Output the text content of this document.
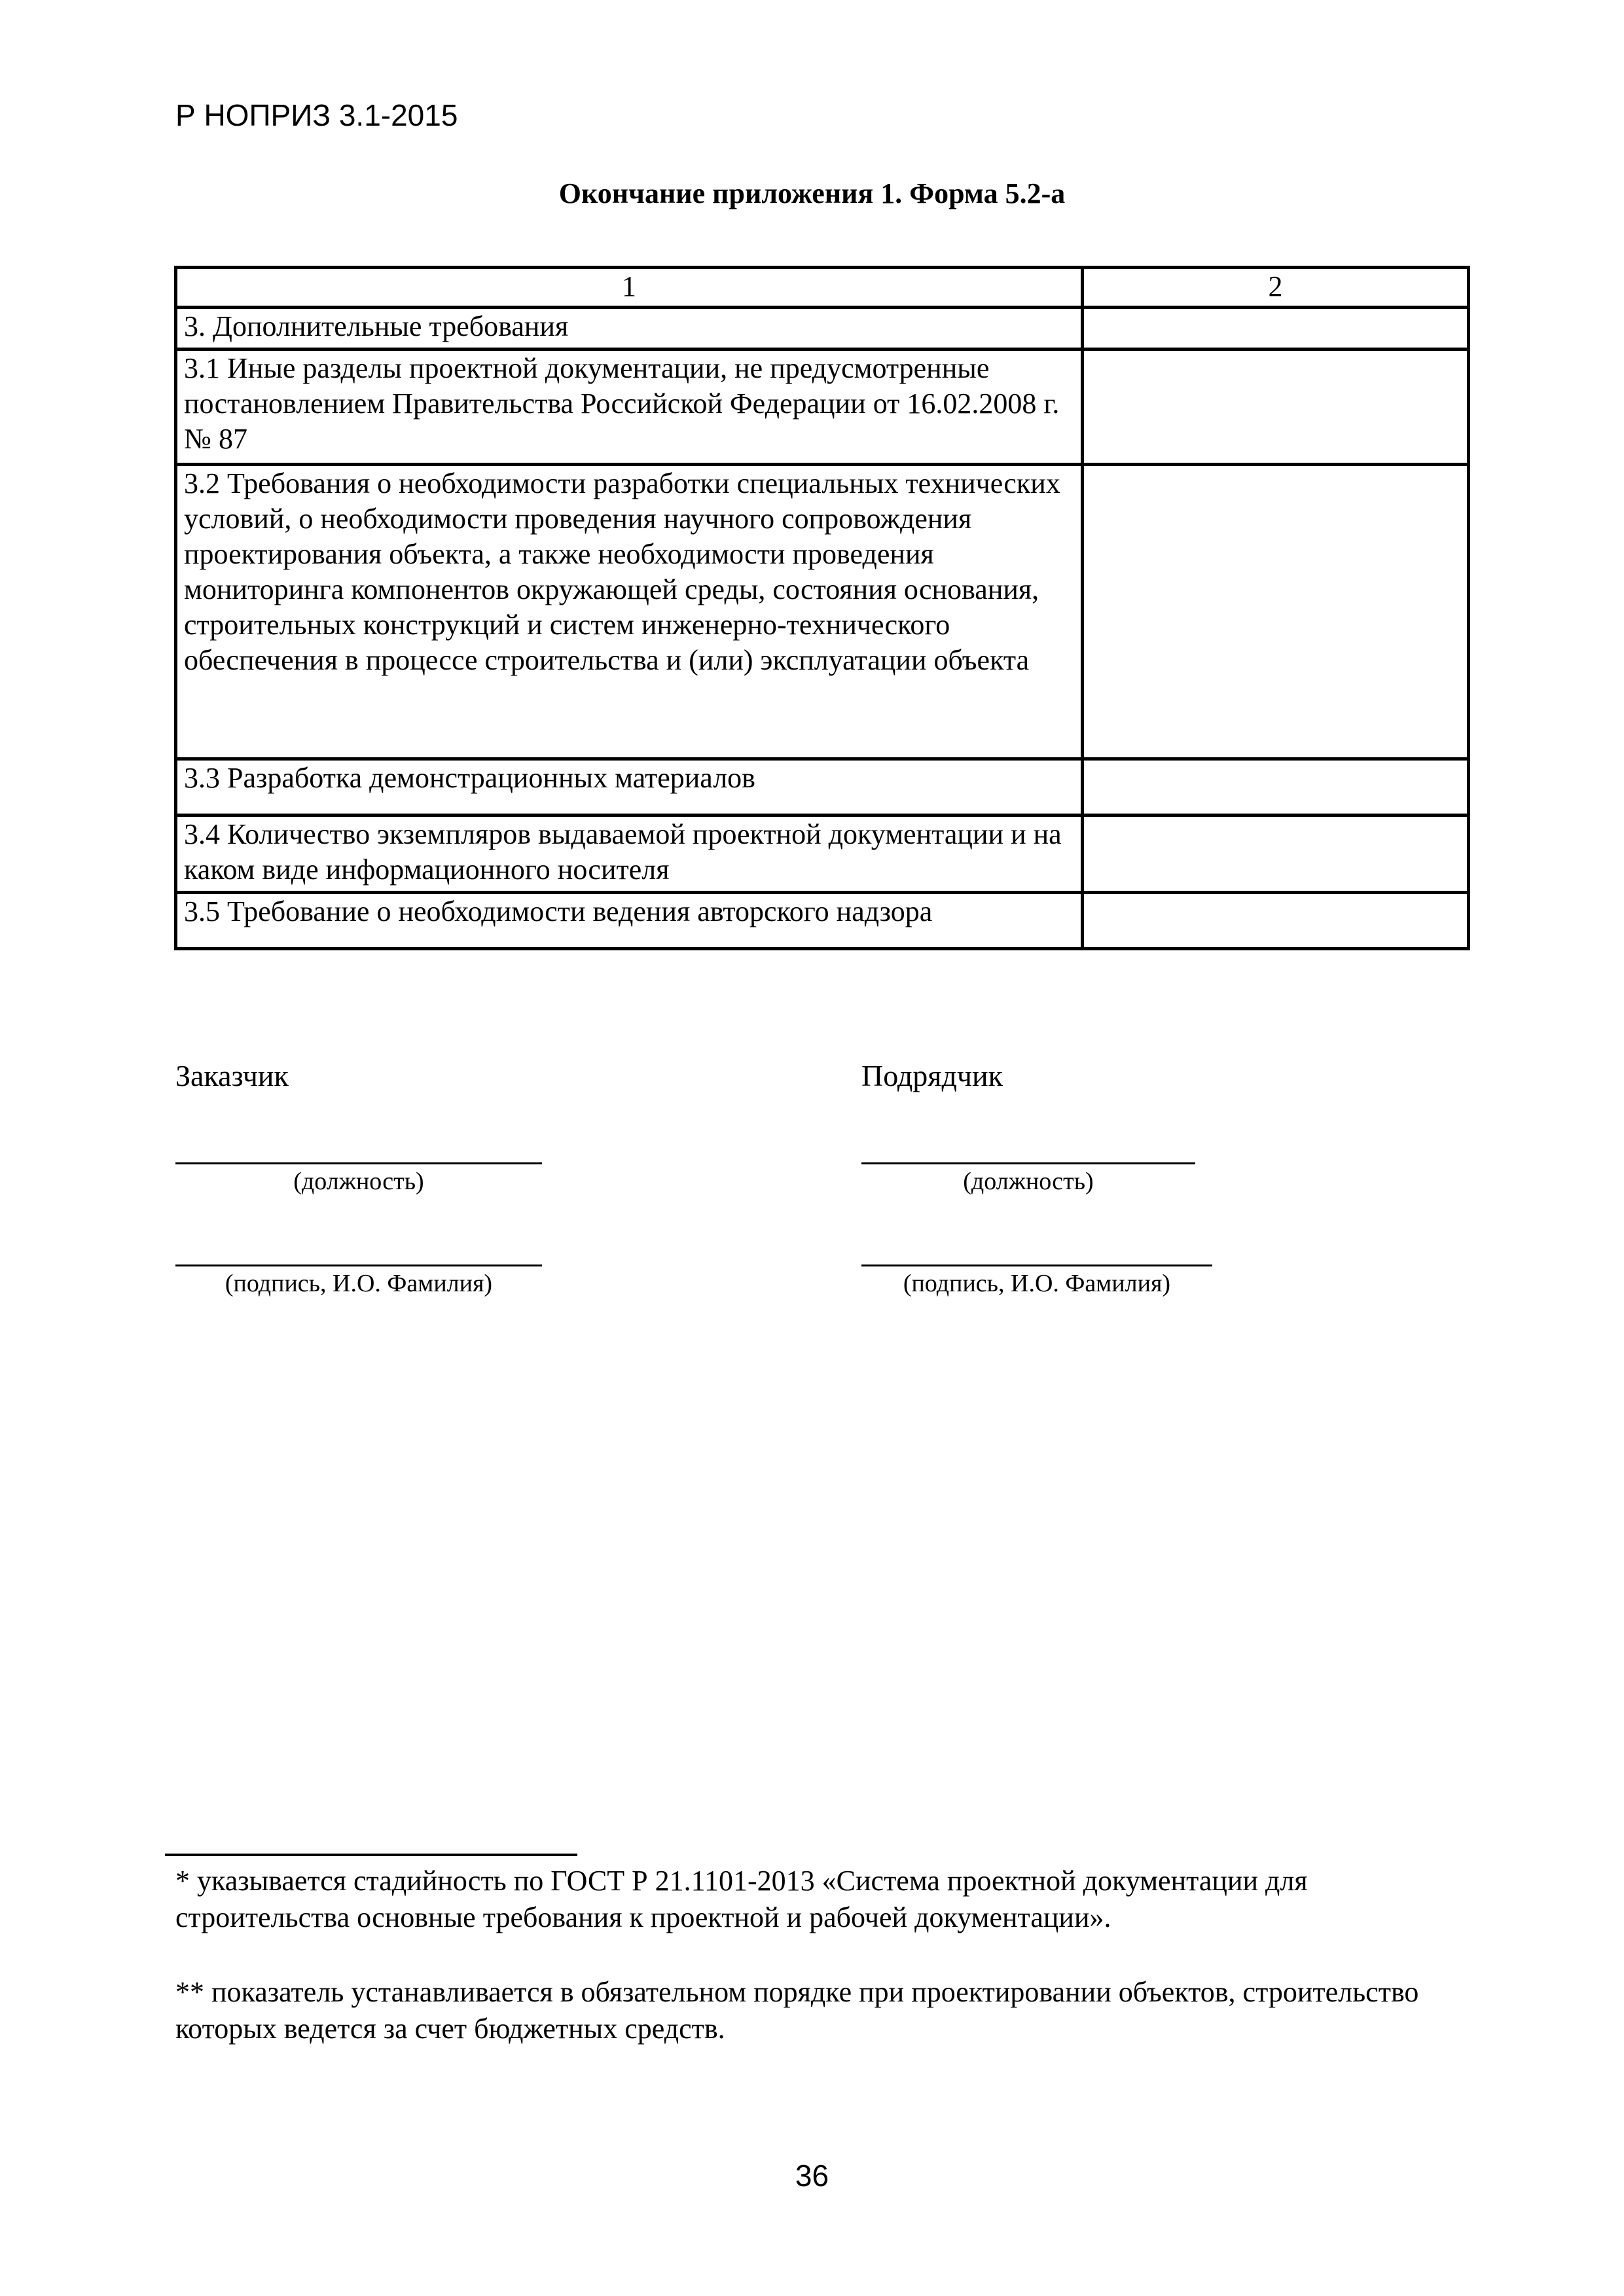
Р НОПРИЗ 3.1-2015

Окончание приложения 1. Форма 5.2-а

1	2
3. Дополнительные требования	
3.1 Иные разделы проектной документации, не предусмотренные постановлением Правительства Российской Федерации от 16.02.2008 г. № 87	
3.2 Требования о необходимости разработки специальных технических условий, о необходимости проведения научного сопровождения проектирования объекта, а также необходимости проведения мониторинга компонентов окружающей среды, состояния основания, строительных конструкций и систем инженерно-технического обеспечения в процессе строительства и (или) эксплуатации объекта	
3.3 Разработка демонстрационных материалов	
3.4 Количество экземпляров выдаваемой проектной документации и на каком виде информационного носителя	
3.5 Требование о необходимости ведения авторского надзора	
Заказчик
(должность)
(подпись, И.О. Фамилия)
Подрядчик
(должность)
(подпись, И.О. Фамилия)

* указывается стадийность по ГОСТ Р 21.1101-2013 «Система проектной документации для строительства основные требования к проектной и рабочей документации».

** показатель устанавливается в обязательном порядке при проектировании объектов, строительство которых ведется за счет бюджетных средств.

36
